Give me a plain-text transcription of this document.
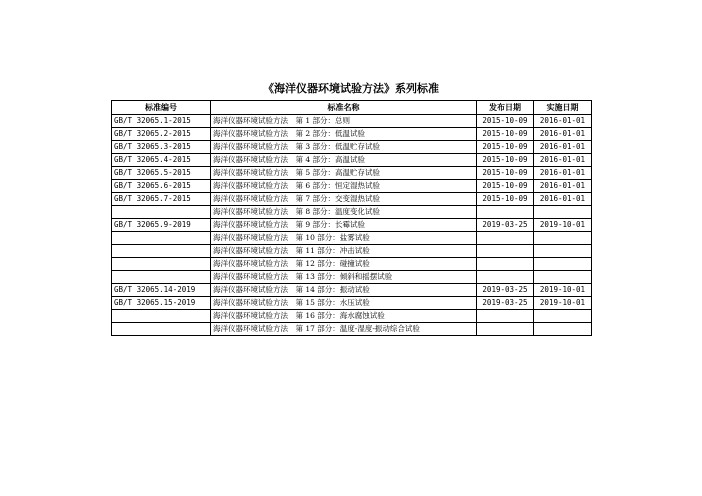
《海洋仪器环境试验方法》系列标准
标准编号	标准名称	发布日期	实施日期
GB/T 32065.1-2015	海洋仪器环境试验方法　第 1 部分：总则	2015-10-09	2016-01-01
GB/T 32065.2-2015	海洋仪器环境试验方法　第 2 部分：低温试验	2015-10-09	2016-01-01
GB/T 32065.3-2015	海洋仪器环境试验方法　第 3 部分：低温贮存试验	2015-10-09	2016-01-01
GB/T 32065.4-2015	海洋仪器环境试验方法　第 4 部分：高温试验	2015-10-09	2016-01-01
GB/T 32065.5-2015	海洋仪器环境试验方法　第 5 部分：高温贮存试验	2015-10-09	2016-01-01
GB/T 32065.6-2015	海洋仪器环境试验方法　第 6 部分：恒定湿热试验	2015-10-09	2016-01-01
GB/T 32065.7-2015	海洋仪器环境试验方法　第 7 部分：交变湿热试验	2015-10-09	2016-01-01
	海洋仪器环境试验方法　第 8 部分：温度变化试验		
GB/T 32065.9-2019	海洋仪器环境试验方法　第 9 部分：长霉试验	2019-03-25	2019-10-01
	海洋仪器环境试验方法　第 10 部分：盐雾试验		
	海洋仪器环境试验方法　第 11 部分：冲击试验		
	海洋仪器环境试验方法　第 12 部分：碰撞试验		
	海洋仪器环境试验方法　第 13 部分：倾斜和摇摆试验		
GB/T 32065.14-2019	海洋仪器环境试验方法　第 14 部分：振动试验	2019-03-25	2019-10-01
GB/T 32065.15-2019	海洋仪器环境试验方法　第 15 部分：水压试验	2019-03-25	2019-10-01
	海洋仪器环境试验方法　第 16 部分：海水腐蚀试验		
	海洋仪器环境试验方法　第 17 部分：温度-湿度-振动综合试验		
